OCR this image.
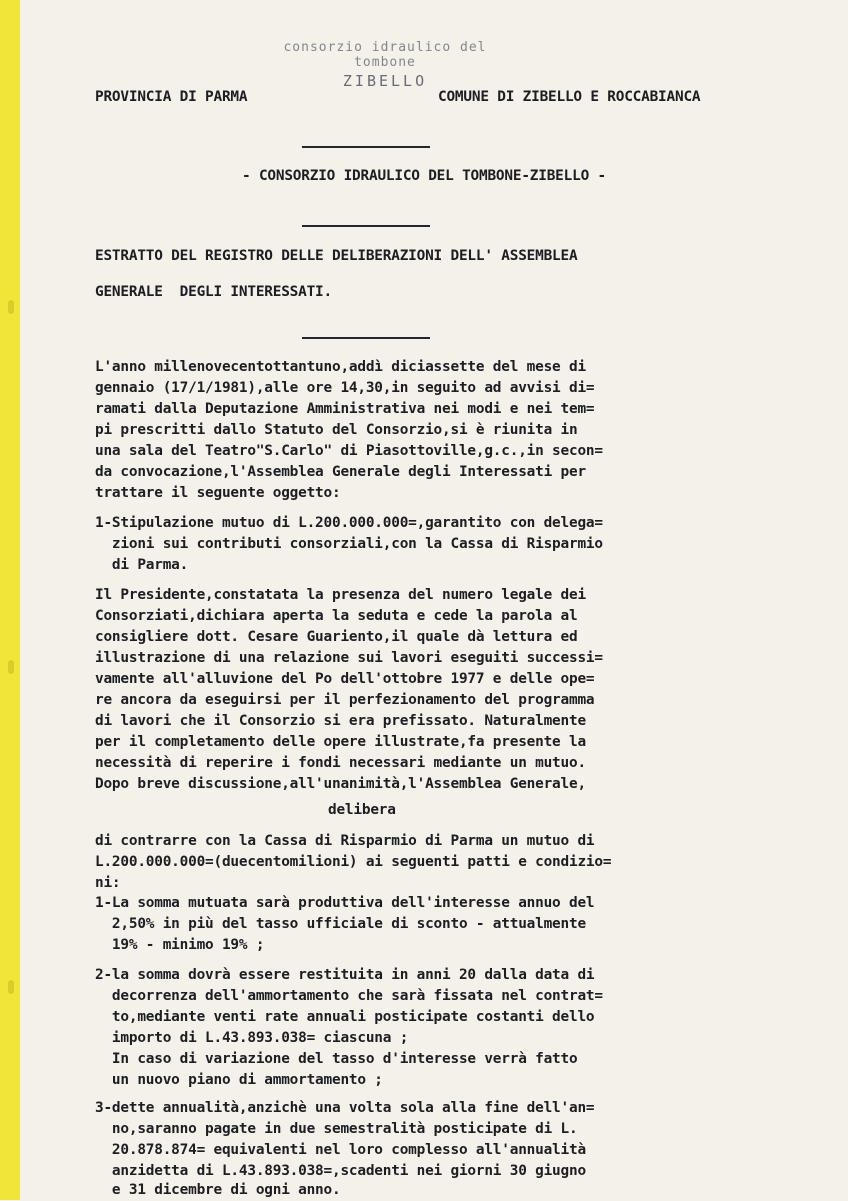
consorzio idraulico del tombone
ZIBELLO
PROVINCIA DI PARMA	COMUNE DI ZIBELLO E ROCCABIANCA
- CONSORZIO IDRAULICO DEL TOMBONE-ZIBELLO -
ESTRATTO DEL REGISTRO DELLE DELIBERAZIONI DELL' ASSEMBLEA
GENERALE  DEGLI INTERESSATI.
L'anno millenovecentottantuno,addì diciassette del mese di
gennaio (17/1/1981),alle ore 14,30,in seguito ad avvisi di=
ramati dalla Deputazione Amministrativa nei modi e nei tem=
pi prescritti dallo Statuto del Consorzio,si è riunita in
una sala del Teatro"S.Carlo" di Piasottoville,g.c.,in secon=
da convocazione,l'Assemblea Generale degli Interessati per
trattare il seguente oggetto:
1-Stipulazione mutuo di L.200.000.000=,garantito con delega=
zioni sui contributi consorziali,con la Cassa di Risparmio
di Parma.
Il Presidente,constatata la presenza del numero legale dei
Consorziati,dichiara aperta la seduta e cede la parola al
consigliere dott. Cesare Guariento,il quale dà lettura ed
illustrazione di una relazione sui lavori eseguiti successi=
vamente all'alluvione del Po dell'ottobre 1977 e delle ope=
re ancora da eseguirsi per il perfezionamento del programma
di lavori che il Consorzio si era prefissato. Naturalmente
per il completamento delle opere illustrate,fa presente la
necessità di reperire i fondi necessari mediante un mutuo.
Dopo breve discussione,all'unanimità,l'Assemblea Generale,
delibera
di contrarre con la Cassa di Risparmio di Parma un mutuo di
L.200.000.000=(duecentomilioni) ai seguenti patti e condizio=
ni:
1-La somma mutuata sarà produttiva dell'interesse annuo del
2,50% in più del tasso ufficiale di sconto - attualmente
19% - minimo 19% ;
2-la somma dovrà essere restituita in anni 20 dalla data di
decorrenza dell'ammortamento che sarà fissata nel contrat=
to,mediante venti rate annuali posticipate costanti dello
importo di L.43.893.038= ciascuna ;
In caso di variazione del tasso d'interesse verrà fatto
un nuovo piano di ammortamento ;
3-dette annualità,anzichè una volta sola alla fine dell'an=
no,saranno pagate in due semestralità posticipate di L.
20.878.874= equivalenti nel loro complesso all'annualità
anzidetta di L.43.893.038=,scadenti nei giorni 30 giugno
e 31 dicembre di ogni anno.
